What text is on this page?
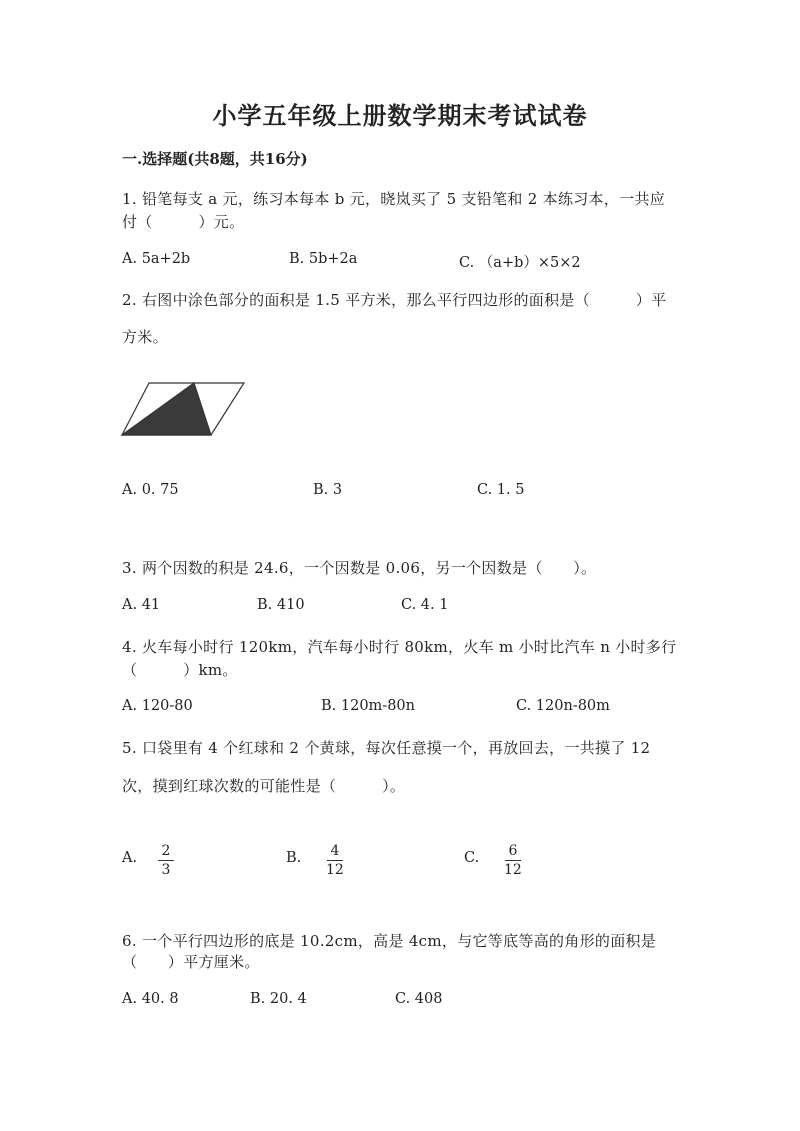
小学五年级上册数学期末考试试卷
一.选择题(共8题，共16分)
1. 铅笔每支 a 元，练习本每本 b 元，晓岚买了 5 支铅笔和 2 本练习本，一共应
付（　　　）元。
A. 5a+2b	B. 5b+2a	C. （a+b）×5×2
2. 右图中涂色部分的面积是 1.5 平方米，那么平行四边形的面积是（　　　）平
方米。
A. 0. 75	B. 3	C. 1. 5
3. 两个因数的积是 24.6，一个因数是 0.06，另一个因数是（　　）。
A. 41	B. 410	C. 4. 1
4. 火车每小时行 120km，汽车每小时行 80km，火车 m 小时比汽车 n 小时多行
（　　　）km。
A. 120-80	B. 120m-80n	C. 120n-80m
5. 口袋里有 4 个红球和 2 个黄球，每次任意摸一个，再放回去，一共摸了 12
次，摸到红球次数的可能性是（　　　）。
A. 2
3
B. 4
12
C. 6
12
6. 一个平行四边形的底是 10.2cm，高是 4cm，与它等底等高的角形的面积是
（　　）平方厘米。
A. 40. 8	B. 20. 4	C. 408
